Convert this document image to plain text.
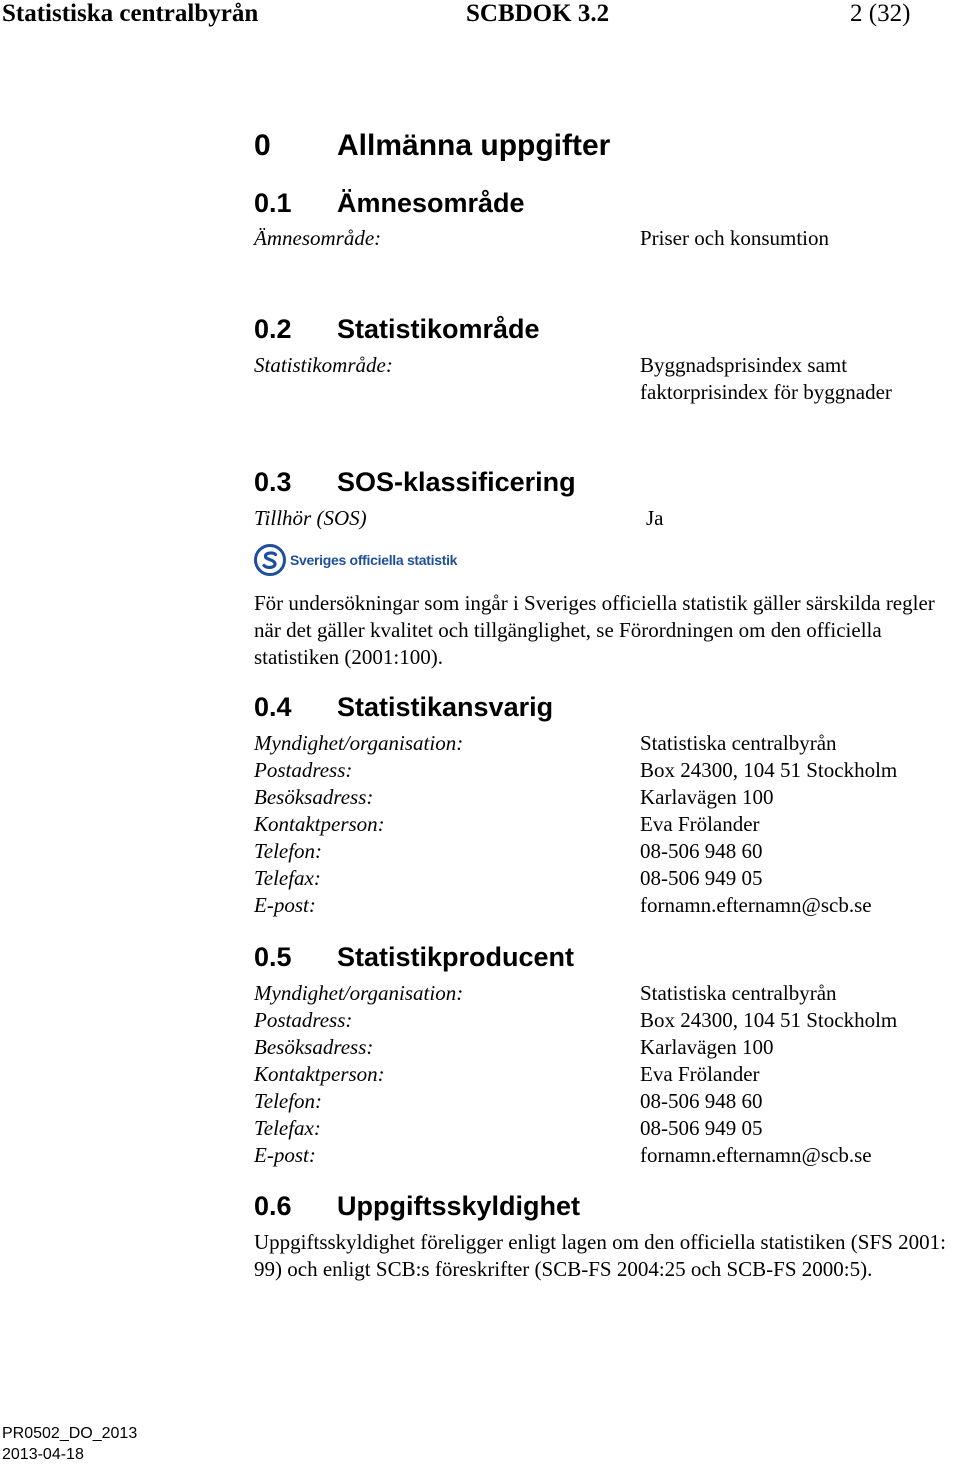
Statistiska centralbyrån	SCBDOK 3.2	2 (32)
0 Allmänna uppgifter
0.1 Ämnesområde
Ämnesområde:	Priser och konsumtion
0.2 Statistikområde
Statistikområde:	Byggnadsprisindex samt
faktorprisindex för byggnader
0.3 SOS-klassificering
Tillhör (SOS)	Ja
Sveriges officiella statistik
För undersökningar som ingår i Sveriges officiella statistik gäller särskilda regler när det gäller kvalitet och tillgänglighet, se Förordningen om den officiella statistiken (2001:100).
0.4 Statistikansvarig
Myndighet/organisation:	Statistiska centralbyrån
Postadress:	Box 24300, 104 51 Stockholm
Besöksadress:	Karlavägen 100
Kontaktperson:	Eva Frölander
Telefon:	08-506 948 60
Telefax:	08-506 949 05
E-post:	fornamn.efternamn@scb.se
0.5 Statistikproducent
Myndighet/organisation:	Statistiska centralbyrån
Postadress:	Box 24300, 104 51 Stockholm
Besöksadress:	Karlavägen 100
Kontaktperson:	Eva Frölander
Telefon:	08-506 948 60
Telefax:	08-506 949 05
E-post:	fornamn.efternamn@scb.se
0.6 Uppgiftsskyldighet
Uppgiftsskyldighet föreligger enligt lagen om den officiella statistiken (SFS 2001: 99) och enligt SCB:s föreskrifter (SCB-FS 2004:25 och SCB-FS 2000:5).
PR0502_DO_2013
2013-04-18
